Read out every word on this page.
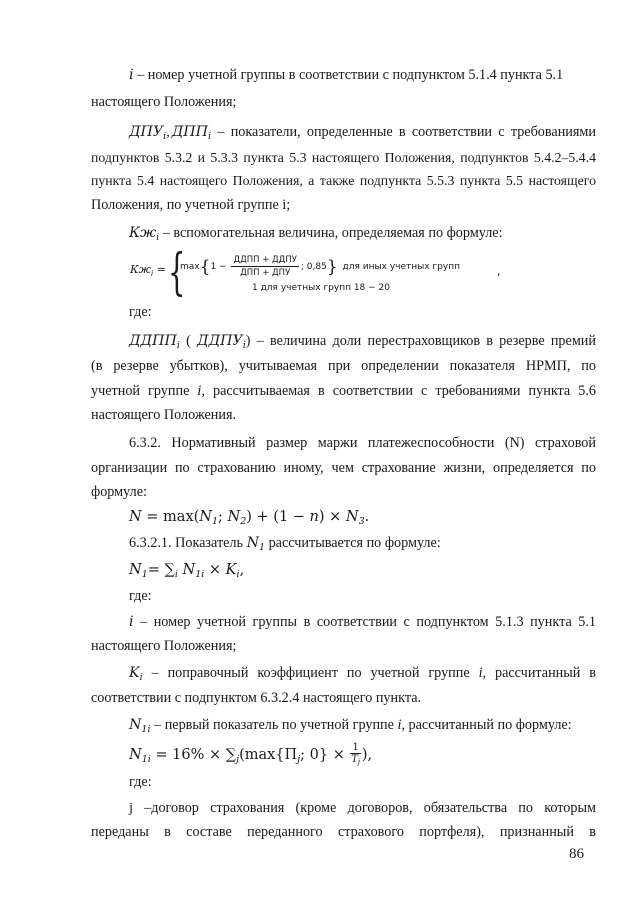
i – номер учетной группы в соответствии с подпунктом 5.1.4 пункта 5.1
настоящего Положения;
$ДПУ_i$, $ДПП_i$ – показатели, определенные в соответствии с требованиями
подпунктов 5.3.2 и 5.3.3 пункта 5.3 настоящего Положения, подпунктов 5.4.2–5.4.4
пункта 5.4 настоящего Положения, а также подпункта 5.5.3 пункта 5.5 настоящего
Положения, по учетной группе i;
$Кж_i$ – вспомогательная величина, определяемая по формуле:
$Кж_i$ = {
$\max\{1 - \frac{\text{ДДПП + ДДПУ}}{\text{ДПП + ДПУ}}$ ; 0,85} для иных учетных групп
1 для учетных групп 18 − 20
,
где:
$ДДПП_i$ ( $ДДПУ_i$) – величина доли перестраховщиков в резерве премий
(в резерве убытков), учитываемая при определении показателя НРМП, по
учетной группе i, рассчитываемая в соответствии с требованиями пункта 5.6
настоящего Положения.
6.3.2. Нормативный размер маржи платежеспособности (N) страховой
организации по страхованию иному, чем страхование жизни, определяется по
формуле:
$N = \max(N_1$; $N_2) + (1 - n) \times N_3$.
6.3.2.1. Показатель $N_1$ рассчитывается по формуле:
$N_1= \sum_i$ $N_{1i} \times K_i$,
где:
i – номер учетной группы в соответствии с подпунктом 5.1.3 пункта 5.1
настоящего Положения;
$K_i$ – поправочный коэффициент по учетной группе i, рассчитанный в
соответствии с подпунктом 6.3.2.4 настоящего пункта.
$N_{1i}$ – первый показатель по учетной группе i, рассчитанный по формуле:
$N_{1i} = 16\% \times \sum_j(\max\{П_j$; $0\} \times \frac{1}{T_j}$ ),
где:
j –договор страхования (кроме договоров, обязательства по которым
переданы в составе переданного страхового портфеля), признанный в
86
